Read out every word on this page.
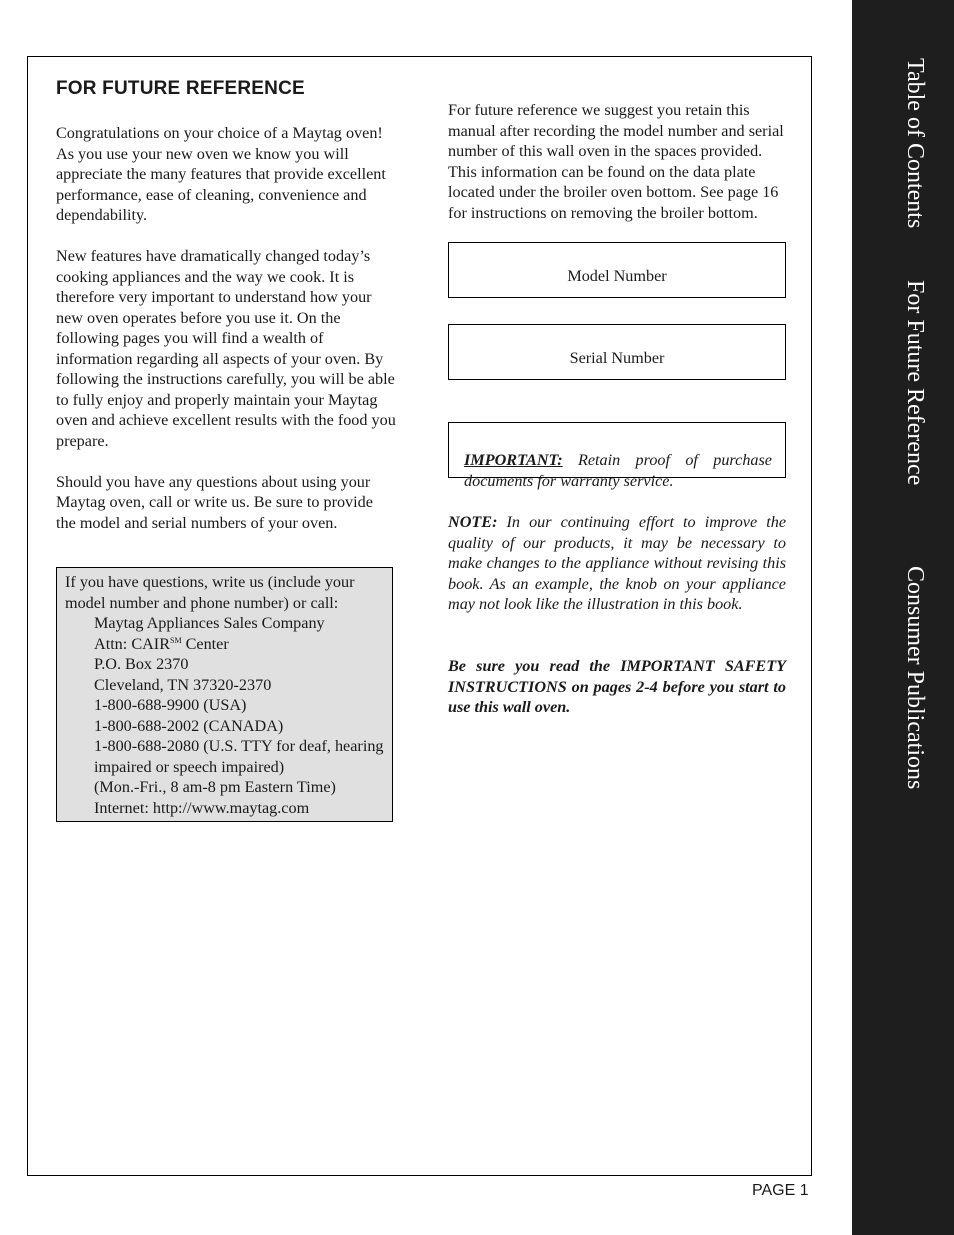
FOR FUTURE REFERENCE

Congratulations on your choice of a Maytag oven! As you use your new oven we know you will appreciate the many features that provide excellent performance, ease of cleaning, convenience and dependability.

New features have dramatically changed today’s cooking appliances and the way we cook. It is therefore very important to understand how your new oven operates before you use it. On the following pages you will find a wealth of information regarding all aspects of your oven. By following the instructions carefully, you will be able to fully enjoy and properly maintain your Maytag oven and achieve excellent results with the food you prepare.

Should you have any questions about using your Maytag oven, call or write us. Be sure to provide the model and serial numbers of your oven.

If you have questions, write us (include your model number and phone number) or call:
Maytag Appliances Sales Company
Attn: CAIR℠ Center
P.O. Box 2370
Cleveland, TN 37320-2370
1-800-688-9900 (USA)
1-800-688-2002 (CANADA)
1-800-688-2080 (U.S. TTY for deaf, hearing impaired or speech impaired)
(Mon.-Fri., 8 am-8 pm Eastern Time)
Internet: http://www.maytag.com

For future reference we suggest you retain this manual after recording the model number and serial number of this wall oven in the spaces provided. This information can be found on the data plate located under the broiler oven bottom. See page 16 for instructions on removing the broiler bottom.

Model Number
Serial Number
IMPORTANT: Retain proof of purchase documents for warranty service.
NOTE: In our continuing effort to improve the quality of our products, it may be necessary to make changes to the appliance without revising this book. As an example, the knob on your appliance may not look like the illustration in this book.
Be sure you read the IMPORTANT SAFETY INSTRUCTIONS on pages 2-4 before you start to use this wall oven.
PAGE 1
Table of Contents For Future Reference Consumer Publications
